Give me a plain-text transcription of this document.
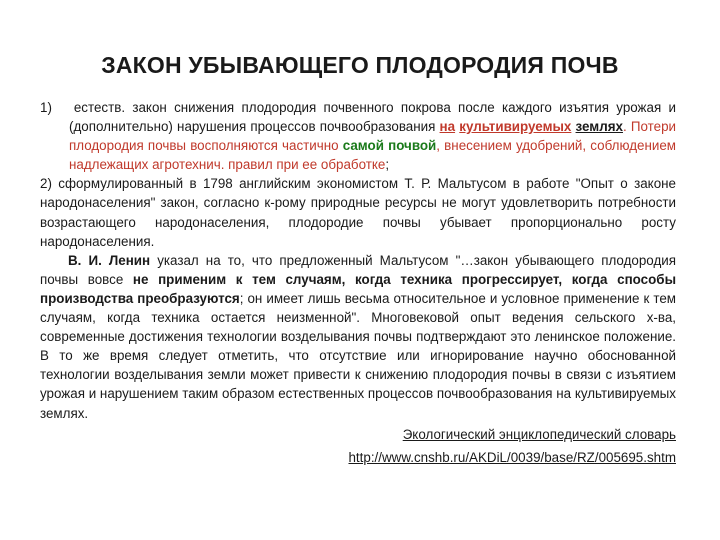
ЗАКОН УБЫВАЮЩЕГО ПЛОДОРОДИЯ ПОЧВ

1) естеств. закон снижения плодородия почвенного покрова после каждого изъятия урожая и (дополнительно) нарушения процессов почвообразования на культивируемых землях. Потери плодородия почвы восполняются частично самой почвой, внесением удобрений, соблюдением надлежащих агротехнич. правил при ее обработке;

2) сформулированный в 1798 английским экономистом Т. Р. Мальтусом в работе "Опыт о законе народонаселения" закон, согласно к-рому природные ресурсы не могут удовлетворить потребности возрастающего народонаселения, плодородие почвы убывает пропорционально росту народонаселения.

В. И. Ленин указал на то, что предложенный Мальтусом "…закон убывающего плодородия почвы вовсе не применим к тем случаям, когда техника прогрессирует, когда способы производства преобразуются; он имеет лишь весьма относительное и условное применение к тем случаям, когда техника остается неизменной". Многовековой опыт ведения сельского х-ва, современные достижения технологии возделывания почвы подтверждают это ленинское положение. В то же время следует отметить, что отсутствие или игнорирование научно обоснованной технологии возделывания земли может привести к снижению плодородия почвы в связи с изъятием урожая и нарушением таким образом естественных процессов почвообразования на культивируемых землях.

Экологический энциклопедический словарь

http://www.cnshb.ru/AKDiL/0039/base/RZ/005695.shtm
